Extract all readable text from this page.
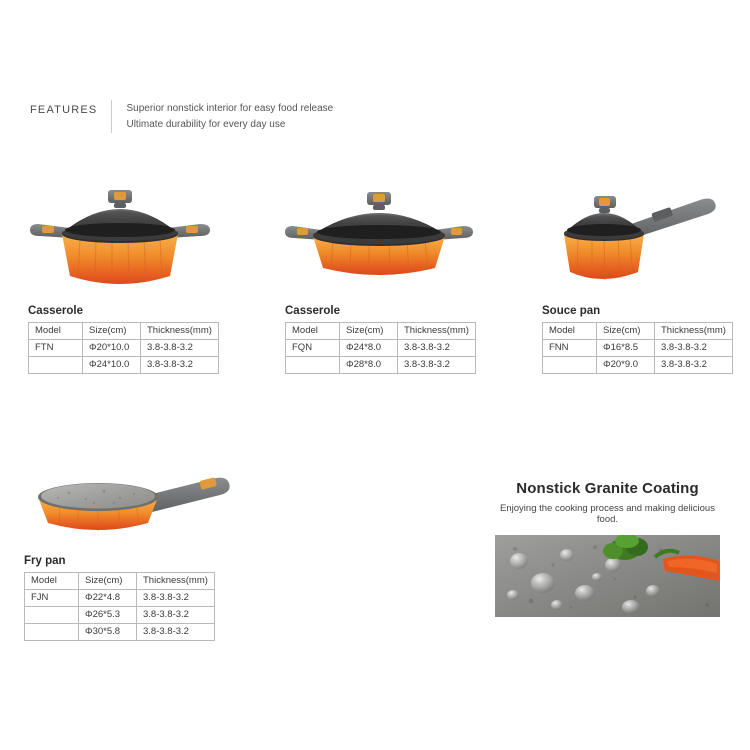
FEATURES	Superior nonstick interior for easy food release
Ultimate durability for every day use
Casserole
Model	Size(cm)	Thickness(mm)
FTN	Φ20*10.0	3.8-3.8-3.2
	Φ24*10.0	3.8-3.8-3.2
Casserole
Model	Size(cm)	Thickness(mm)
FQN	Φ24*8.0	3.8-3.8-3.2
	Φ28*8.0	3.8-3.8-3.2
Souce pan
Model	Size(cm)	Thickness(mm)
FNN	Φ16*8.5	3.8-3.8-3.2
	Φ20*9.0	3.8-3.8-3.2
Fry pan
Model	Size(cm)	Thickness(mm)
FJN	Φ22*4.8	3.8-3.8-3.2
	Φ26*5.3	3.8-3.8-3.2
	Φ30*5.8	3.8-3.8-3.2
Nonstick Granite Coating

Enjoying the cooking process and making delicious food.
